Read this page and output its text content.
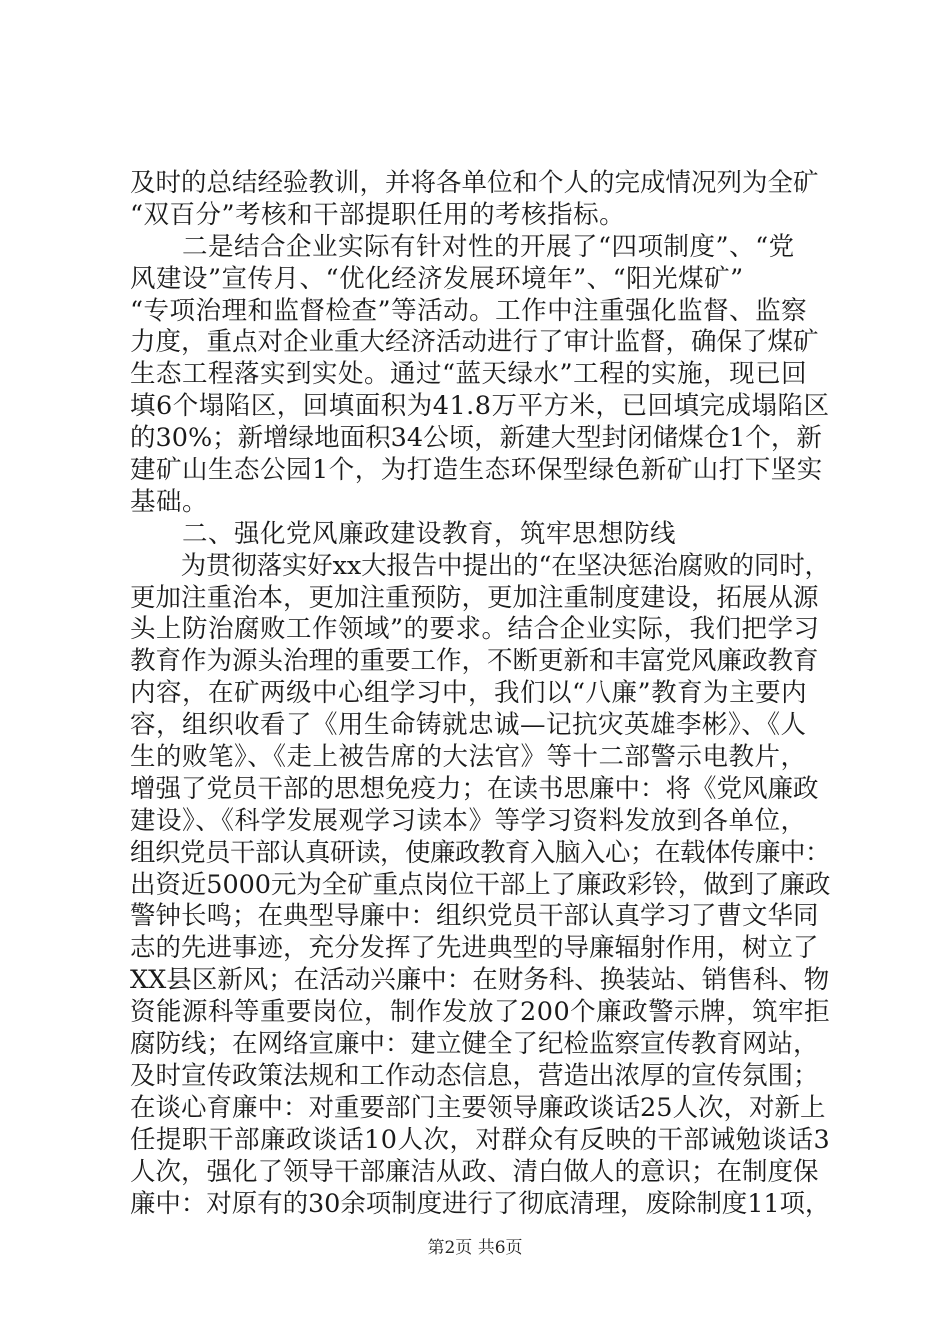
及时的总结经验教训，并将各单位和个人的完成情况列为全矿
“双百分”考核和干部提职任用的考核指标。
　　二是结合企业实际有针对性的开展了“四项制度”、“党
风建设”宣传月、“优化经济发展环境年”、“阳光煤矿”
“专项治理和监督检查”等活动。工作中注重强化监督、监察
力度，重点对企业重大经济活动进行了审计监督，确保了煤矿
生态工程落实到实处。通过“蓝天绿水”工程的实施，现已回
填6个塌陷区，回填面积为41.8万平方米，已回填完成塌陷区
的30%；新增绿地面积34公顷，新建大型封闭储煤仓1个，新
建矿山生态公园1个，为打造生态环保型绿色新矿山打下坚实
基础。
　　二、强化党风廉政建设教育，筑牢思想防线
　　为贯彻落实好xx大报告中提出的“在坚决惩治腐败的同时，
更加注重治本，更加注重预防，更加注重制度建设，拓展从源
头上防治腐败工作领域”的要求。结合企业实际，我们把学习
教育作为源头治理的重要工作，不断更新和丰富党风廉政教育
内容，在矿两级中心组学习中，我们以“八廉”教育为主要内
容，组织收看了《用生命铸就忠诚—记抗灾英雄李彬》、《人
生的败笔》、《走上被告席的大法官》等十二部警示电教片，
增强了党员干部的思想免疫力；在读书思廉中：将《党风廉政
建设》、《科学发展观学习读本》等学习资料发放到各单位，
组织党员干部认真研读，使廉政教育入脑入心；在载体传廉中：
出资近5000元为全矿重点岗位干部上了廉政彩铃，做到了廉政
警钟长鸣；在典型导廉中：组织党员干部认真学习了曹文华同
志的先进事迹，充分发挥了先进典型的导廉辐射作用，树立了
XX县区新风；在活动兴廉中：在财务科、换装站、销售科、物
资能源科等重要岗位，制作发放了200个廉政警示牌，筑牢拒
腐防线；在网络宣廉中：建立健全了纪检监察宣传教育网站，
及时宣传政策法规和工作动态信息，营造出浓厚的宣传氛围；
在谈心育廉中：对重要部门主要领导廉政谈话25人次，对新上
任提职干部廉政谈话10人次，对群众有反映的干部诫勉谈话3
人次，强化了领导干部廉洁从政、清白做人的意识；在制度保
廉中：对原有的30余项制度进行了彻底清理，废除制度11项，
第2页 共6页
